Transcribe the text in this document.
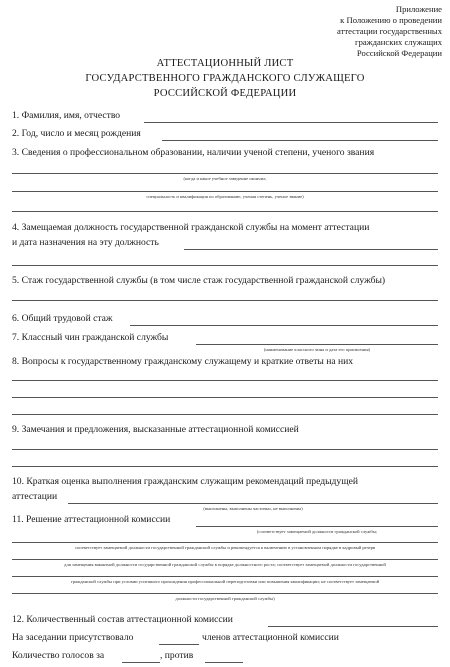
Приложение
к Положению о проведении
аттестации государственных
гражданских служащих
Российской Федерации
АТТЕСТАЦИОННЫЙ ЛИСТ
ГОСУДАРСТВЕННОГО ГРАЖДАНСКОГО СЛУЖАЩЕГО
РОССИЙСКОЙ ФЕДЕРАЦИИ
1. Фамилия, имя, отчество
2. Год, число и месяц рождения
3. Сведения о профессиональном образовании, наличии ученой степени, ученого звания
(когда и какое учебное заведение окончил,
специальность и квалификация по образованию, ученая степень, ученое звание)
4. Замещаемая должность государственной гражданской службы на момент аттестации
и дата назначения на эту должность
5. Стаж государственной службы (в том числе стаж государственной гражданской службы)
6. Общий трудовой стаж
7. Классный чин гражданской службы
(наименование классного чина и дата его присвоения)
8. Вопросы к государственному гражданскому служащему и краткие ответы на них
9. Замечания и предложения, высказанные аттестационной комиссией
10. Краткая оценка выполнения гражданским служащим рекомендаций предыдущей
аттестации
(выполнены, выполнены частично, не выполнены)
11. Решение аттестационной комиссии
(соответствует замещаемой должности гражданской службы;
соответствует замещаемой должности государственной гражданской службы и рекомендуется к включению в установленном порядке в кадровый резерв
для замещения вакантной должности государственной гражданской службы в порядке должностного роста; соответствует замещаемой должности государственной
гражданской службы при условии успешного прохождения профессиональной переподготовки или повышения квалификации; не соответствует замещаемой
должности государственной гражданской службы)
12. Количественный состав аттестационной комиссии
На заседании присутствовало	членов аттестационной комиссии
Количество голосов за	, против
